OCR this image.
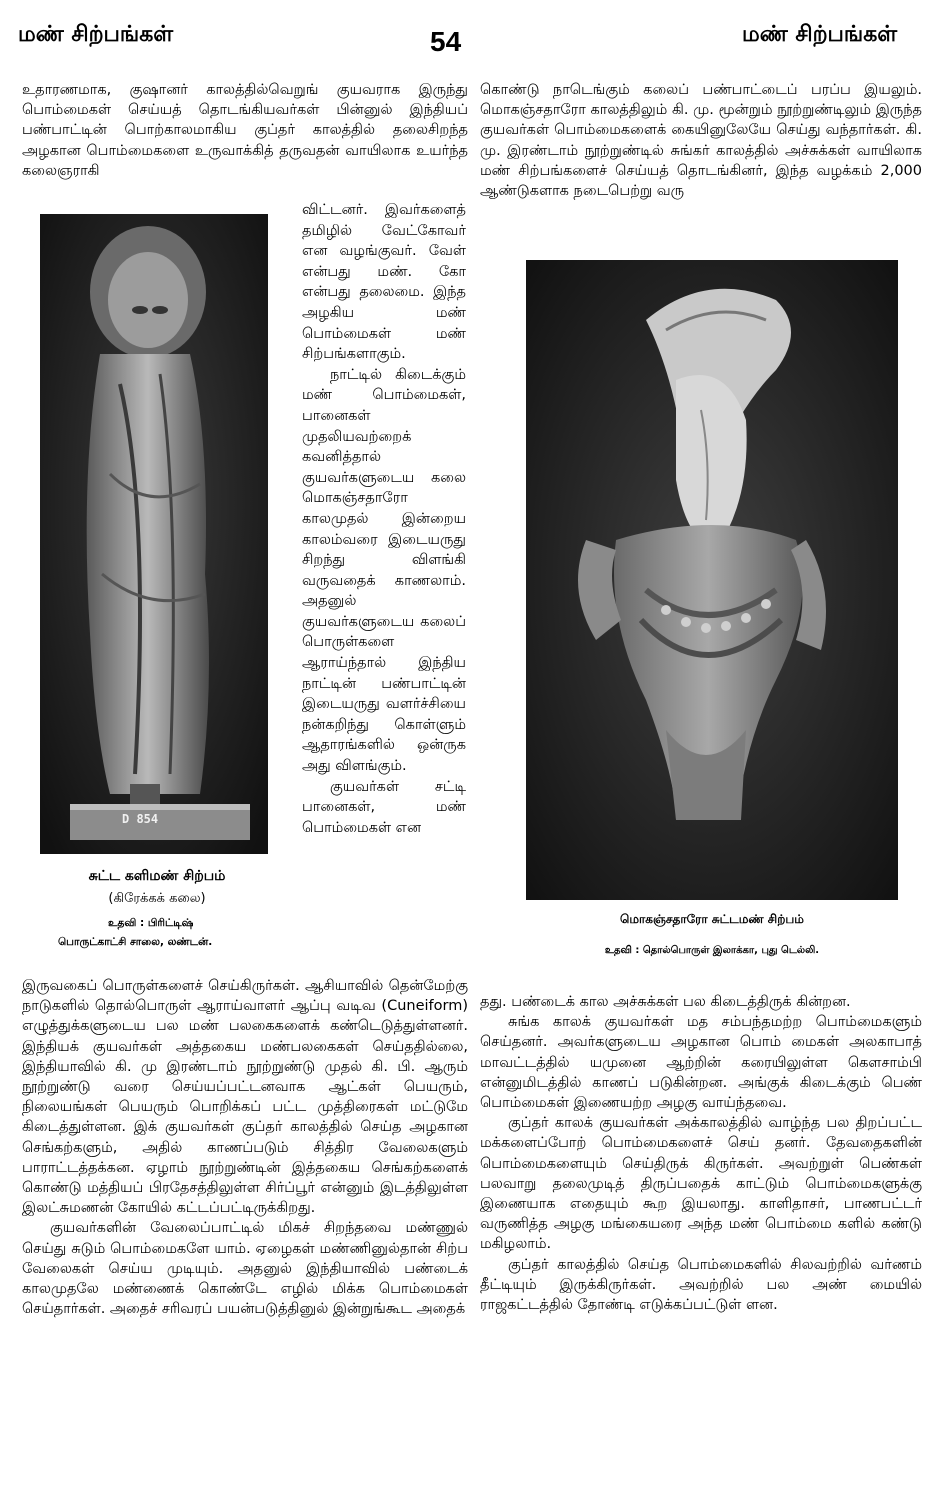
மண் சிற்பங்கள்	54	மண் சிற்பங்கள்

உதாரணமாக, குஷானர் காலத்தில்வெறுங் குயவராக இருந்து பொம்மைகள் செய்யத் தொடங்கியவர்கள் பின்னுல் இந்தியப் பண்பாட்டின் பொற்காலமாகிய குப்தர் காலத்தில் தலைசிறந்த அழகான பொம்மைகளை உருவாக்கித் தருவதன் வாயிலாக உயர்ந்த கலைஞராகி

D 854
சுட்ட களிமண் சிற்பம்
(கிரேக்கக் கலை)
உதவி : பிரிட்டிஷ்
பொருட்காட்சி சாலை, லண்டன்.

விட்டனர். இவர்களைத் தமிழில் வேட்கோவர் என வழங்குவர். வேள் என்பது மண். கோ என்பது தலைமை. இந்த அழகிய மண் பொம்மைகள் மண் சிற்பங்களாகும்.

நாட்டில் கிடைக்கும் மண் பொம்மைகள், பானைகள் முதலியவற்றைக் கவனித்தால் குயவர்களுடைய கலை மொகஞ்சதாரோ காலமுதல் இன்றைய காலம்வரை இடையருது சிறந்து விளங்கி வருவதைக் காணலாம். அதனுல் குயவர்களுடைய கலைப் பொருள்களை ஆராய்ந்தால் இந்திய நாட்டின் பண்பாட்டின் இடையருது வளர்ச்சியை நன்கறிந்து கொள்ளும் ஆதாரங்களில் ஒன்ருக அது விளங்கும்.

குயவர்கள் சட்டி பானைகள், மண் பொம்மைகள் என

இருவகைப் பொருள்களைச் செய்கிருர்கள். ஆசியாவில் தென்மேற்கு நாடுகளில் தொல்பொருள் ஆராய்வாளர் ஆப்பு வடிவ (Cuneiform) எழுத்துக்களுடைய பல மண் பலகைகளைக் கண்டெடுத்துள்ளனர். இந்தியக் குயவர்கள் அத்தகைய மண்பலகைகள் செய்ததில்லை, இந்தியாவில் கி. மு இரண்டாம் நூற்றுண்டு முதல் கி. பி. ஆரும் நூற்றுண்டு வரை செய்யப்பட்டனவாக ஆட்கள் பெயரும், நிலையங்கள் பெயரும் பொறிக்கப் பட்ட முத்திரைகள் மட்டுமே கிடைத்துள்ளன. இக் குயவர்கள் குப்தர் காலத்தில் செய்த அழகான செங்கற்களும், அதில் காணப்படும் சித்திர வேலைகளும் பாராட்டத்தக்கன. ஏழாம் நூற்றுண்டின் இத்தகைய செங்கற்களைக் கொண்டு மத்தியப் பிரதேசத்திலுள்ள சிர்ப்பூர் என்னும் இடத்திலுள்ள இலட்சுமணன் கோயில் கட்டப்பட்டிருக்கிறது.

குயவர்களின் வேலைப்பாட்டில் மிகச் சிறந்தவை மண்ணுல் செய்து சுடும் பொம்மைகளே யாம். ஏழைகள் மண்ணினுல்தான் சிற்ப வேலைகள் செய்ய முடியும். அதனுல் இந்தியாவில் பண்டைக் காலமுதலே மண்ணைக் கொண்டே எழில் மிக்க பொம்மைகள் செய்தார்கள். அதைச் சரிவரப் பயன்படுத்தினுல் இன்றுங்கூட அதைக்

கொண்டு நாடெங்கும் கலைப் பண்பாட்டைப் பரப்ப இயலும். மொகஞ்சதாரோ காலத்திலும் கி. மு. மூன்றும் நூற்றுண்டிலும் இருந்த குயவர்கள் பொம்மைகளைக் கையினுலேயே செய்து வந்தார்கள். கி. மு. இரண்டாம் நூற்றுண்டில் சுங்கர் காலத்தில் அச்சுக்கள் வாயிலாக மண் சிற்பங்களைச் செய்யத் தொடங்கினர், இந்த வழக்கம் 2,000 ஆண்டுகளாக நடைபெற்று வரு

மொகஞ்சதாரோ சுட்டமண் சிற்பம்
உதவி : தொல்பொருள் இலாக்கா, புது டெல்லி.

தது. பண்டைக் கால அச்சுக்கள் பல கிடைத்திருக் கின்றன.

சுங்க காலக் குயவர்கள் மத சம்பந்தமற்ற பொம்மைகளும் செய்தனர். அவர்களுடைய அழகான பொம் மைகள் அலகாபாத் மாவட்டத்தில் யமுனை ஆற்றின் கரையிலுள்ள கௌசாம்பி என்னுமிடத்தில் காணப் படுகின்றன. அங்குக் கிடைக்கும் பெண் பொம்மைகள் இணையற்ற அழகு வாய்ந்தவை.

குப்தர் காலக் குயவர்கள் அக்காலத்தில் வாழ்ந்த பல திறப்பட்ட மக்களைப்போற் பொம்மைகளைச் செய் தனர். தேவதைகளின் பொம்மைகளையும் செய்திருக் கிருர்கள். அவற்றுள் பெண்கள் பலவாறு தலைமுடித் திருப்பதைக் காட்டும் பொம்மைகளுக்கு இணையாக எதையும் கூற இயலாது. காளிதாசர், பாணபட்டர் வருணித்த அழகு மங்கையரை அந்த மண் பொம்மை களில் கண்டு மகிழலாம்.

குப்தர் காலத்தில் செய்த பொம்மைகளில் சிலவற்றில் வர்ணம் தீட்டியும் இருக்கிருர்கள். அவற்றில் பல அண் மையில் ராஜகட்டத்தில் தோண்டி எடுக்கப்பட்டுள் ளன.
